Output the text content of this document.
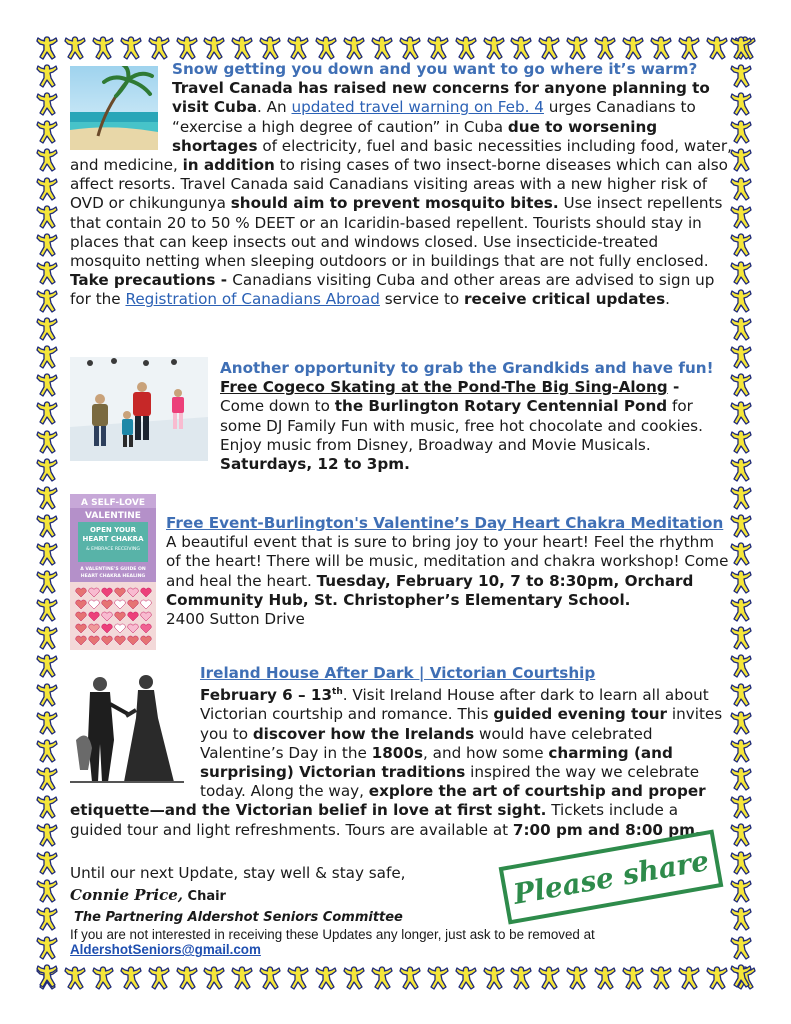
Snow getting you down and you want to go where it’s warm?
Travel Canada has raised new concerns for anyone planning to visit Cuba. An updated travel warning on Feb. 4 urges Canadians to “exercise a high degree of caution” in Cuba due to worsening shortages of electricity, fuel and basic necessities including food, water, and medicine, in addition to rising cases of two insect-borne diseases which can also affect resorts. Travel Canada said Canadians visiting areas with a new higher risk of OVD or chikungunya should aim to prevent mosquito bites. Use insect repellents that contain 20 to 50 % DEET or an Icaridin-based repellent. Tourists should stay in places that can keep insects out and windows closed. Use insecticide-treated mosquito netting when sleeping outdoors or in buildings that are not fully enclosed.
Take precautions - Canadians visiting Cuba and other areas are advised to sign up for the Registration of Canadians Abroad service to receive critical updates.

Another opportunity to grab the Grandkids and have fun!
Free Cogeco Skating at the Pond-The Big Sing-Along -
Come down to the Burlington Rotary Centennial Pond for some DJ Family Fun with music, free hot chocolate and cookies. Enjoy music from Disney, Broadway and Movie Musicals. Saturdays, 12 to 3pm.

A SELF-LOVE
VALENTINE
OPEN YOUR
HEART CHAKRA
& EMBRACE RECEIVING
A VALENTINE'S GUIDE ON
HEART CHAKRA HEALING

Free Event-Burlington's Valentine’s Day Heart Chakra Meditation
A beautiful event that is sure to bring joy to your heart! Feel the rhythm of the heart! There will be music, meditation and chakra workshop! Come and heal the heart. Tuesday, February 10, 7 to 8:30pm, Orchard Community Hub, St. Christopher’s Elementary School.
2400 Sutton Drive

Ireland House After Dark | Victorian Courtship
February 6 – 13th. Visit Ireland House after dark to learn all about Victorian courtship and romance. This guided evening tour invites you to discover how the Irelands would have celebrated Valentine’s Day in the 1800s, and how some charming (and surprising) Victorian traditions inspired the way we celebrate today. Along the way, explore the art of courtship and proper etiquette—and the Victorian belief in love at first sight. Tickets include a guided tour and light refreshments. Tours are available at 7:00 pm and 8:00 pm.

Until our next Update, stay well & stay safe,

Connie Price, Chair

The Partnering Aldershot Seniors Committee

If you are not interested in receiving these Updates any longer, just ask to be removed at

AldershotSeniors@gmail.com

Please share
